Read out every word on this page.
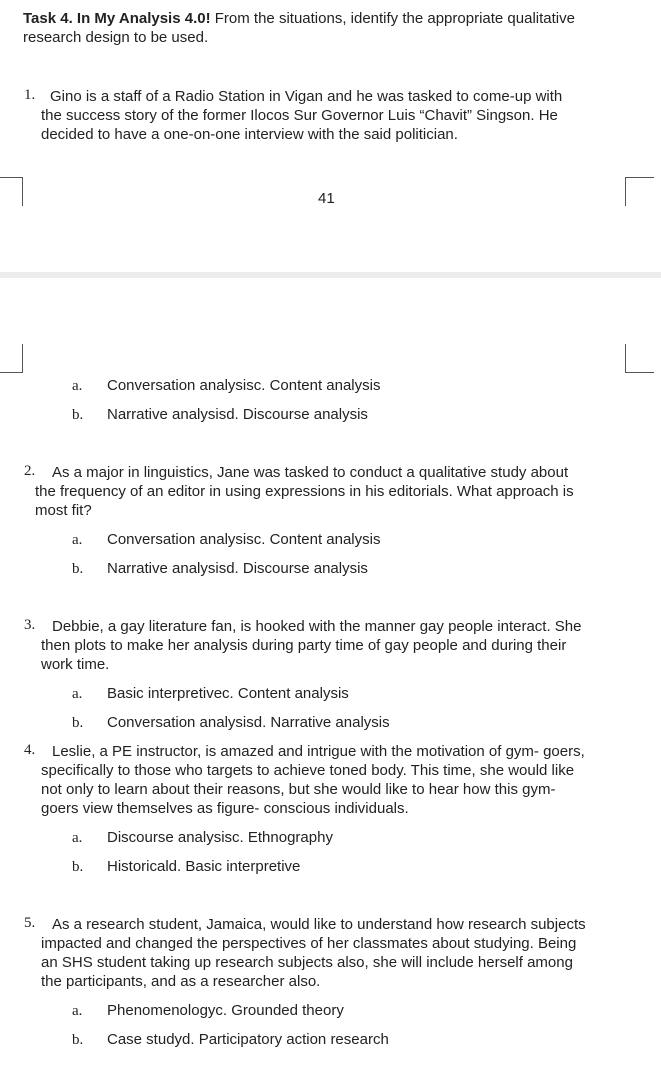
Task 4. In My Analysis 4.0! From the situations, identify the appropriate qualitative
research design to be used.
1. Gino is a staff of a Radio Station in Vigan and he was tasked to come-up with
the success story of the former Ilocos Sur Governor Luis “Chavit” Singson. He
decided to have a one-on-one interview with the said politician.
41
a. Conversation analysisc. Content analysis
b. Narrative analysisd. Discourse analysis
2. As a major in linguistics, Jane was tasked to conduct a qualitative study about
the frequency of an editor in using expressions in his editorials. What approach is
most fit?
a. Conversation analysisc. Content analysis
b. Narrative analysisd. Discourse analysis
3. Debbie, a gay literature fan, is hooked with the manner gay people interact. She
then plots to make her analysis during party time of gay people and during their
work time.
a. Basic interpretivec. Content analysis
b. Conversation analysisd. Narrative analysis
4. Leslie, a PE instructor, is amazed and intrigue with the motivation of gym- goers,
specifically to those who targets to achieve toned body. This time, she would like
not only to learn about their reasons, but she would like to hear how this gym-
goers view themselves as figure- conscious individuals.
a. Discourse analysisc. Ethnography
b. Historicald. Basic interpretive
5. As a research student, Jamaica, would like to understand how research subjects
impacted and changed the perspectives of her classmates about studying. Being
an SHS student taking up research subjects also, she will include herself among
the participants, and as a researcher also.
a. Phenomenologyc. Grounded theory
b. Case studyd. Participatory action research
